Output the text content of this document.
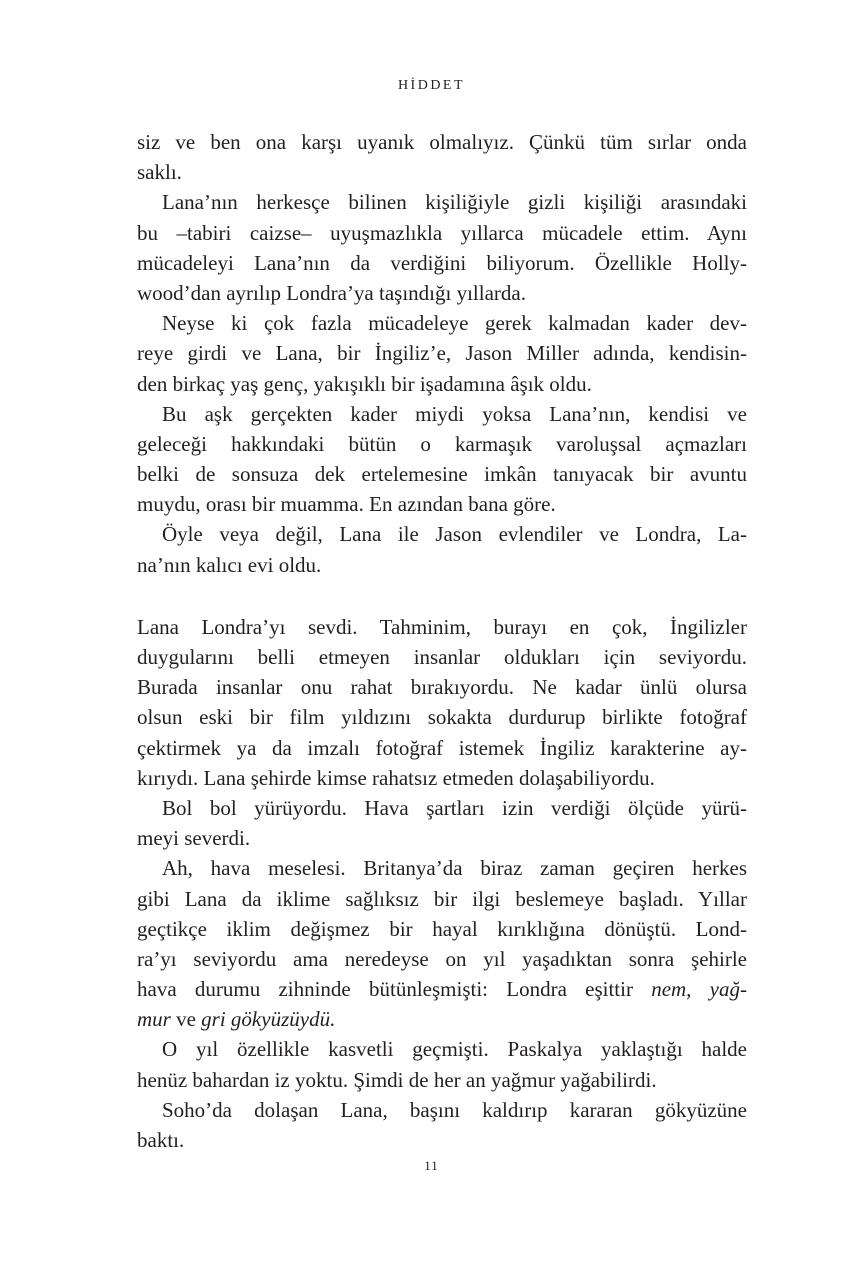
HİDDET
siz ve ben ona karşı uyanık olmalıyız. Çünkü tüm sırlar onda
saklı.
Lana’nın herkesçe bilinen kişiliğiyle gizli kişiliği arasındaki
bu –tabiri caizse– uyuşmazlıkla yıllarca mücadele ettim. Aynı
mücadeleyi Lana’nın da verdiğini biliyorum. Özellikle Holly-
wood’dan ayrılıp Londra’ya taşındığı yıllarda.
Neyse ki çok fazla mücadeleye gerek kalmadan kader dev-
reye girdi ve Lana, bir İngiliz’e, Jason Miller adında, kendisin-
den birkaç yaş genç, yakışıklı bir işadamına âşık oldu.
Bu aşk gerçekten kader miydi yoksa Lana’nın, kendisi ve
geleceği hakkındaki bütün o karmaşık varoluşsal açmazları
belki de sonsuza dek ertelemesine imkân tanıyacak bir avuntu
muydu, orası bir muamma. En azından bana göre.
Öyle veya değil, Lana ile Jason evlendiler ve Londra, La-
na’nın kalıcı evi oldu.
Lana Londra’yı sevdi. Tahminim, burayı en çok, İngilizler
duygularını belli etmeyen insanlar oldukları için seviyordu.
Burada insanlar onu rahat bırakıyordu. Ne kadar ünlü olursa
olsun eski bir film yıldızını sokakta durdurup birlikte fotoğraf
çektirmek ya da imzalı fotoğraf istemek İngiliz karakterine ay-
kırıydı. Lana şehirde kimse rahatsız etmeden dolaşabiliyordu.
Bol bol yürüyordu. Hava şartları izin verdiği ölçüde yürü-
meyi severdi.
Ah, hava meselesi. Britanya’da biraz zaman geçiren herkes
gibi Lana da iklime sağlıksız bir ilgi beslemeye başladı. Yıllar
geçtikçe iklim değişmez bir hayal kırıklığına dönüştü. Lond-
ra’yı seviyordu ama neredeyse on yıl yaşadıktan sonra şehirle
hava durumu zihninde bütünleşmişti: Londra eşittir nem, yağ-
mur ve gri gökyüzüydü.
O yıl özellikle kasvetli geçmişti. Paskalya yaklaştığı halde
henüz bahardan iz yoktu. Şimdi de her an yağmur yağabilirdi.
Soho’da dolaşan Lana, başını kaldırıp kararan gökyüzüne
baktı.
11
